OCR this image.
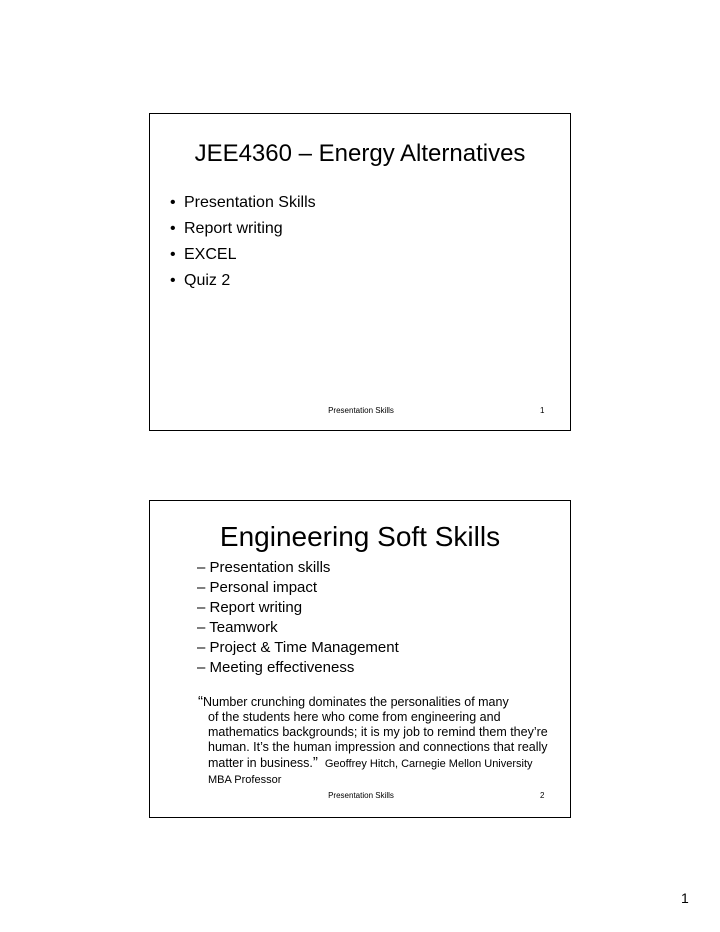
JEE4360 – Energy Alternatives
• Presentation Skills
• Report writing
• EXCEL
• Quiz 2
Presentation Skills	1
Engineering Soft Skills
– Presentation skills
– Personal impact
– Report writing
– Teamwork
– Project & Time Management
– Meeting effectiveness
“Number crunching dominates the personalities of many
of the students here who come from engineering and mathematics backgrounds; it is my job to remind them they’re human. It’s the human impression and connections that really matter in business.” Geoffrey Hitch, Carnegie Mellon University MBA Professor
Presentation Skills	2
1
